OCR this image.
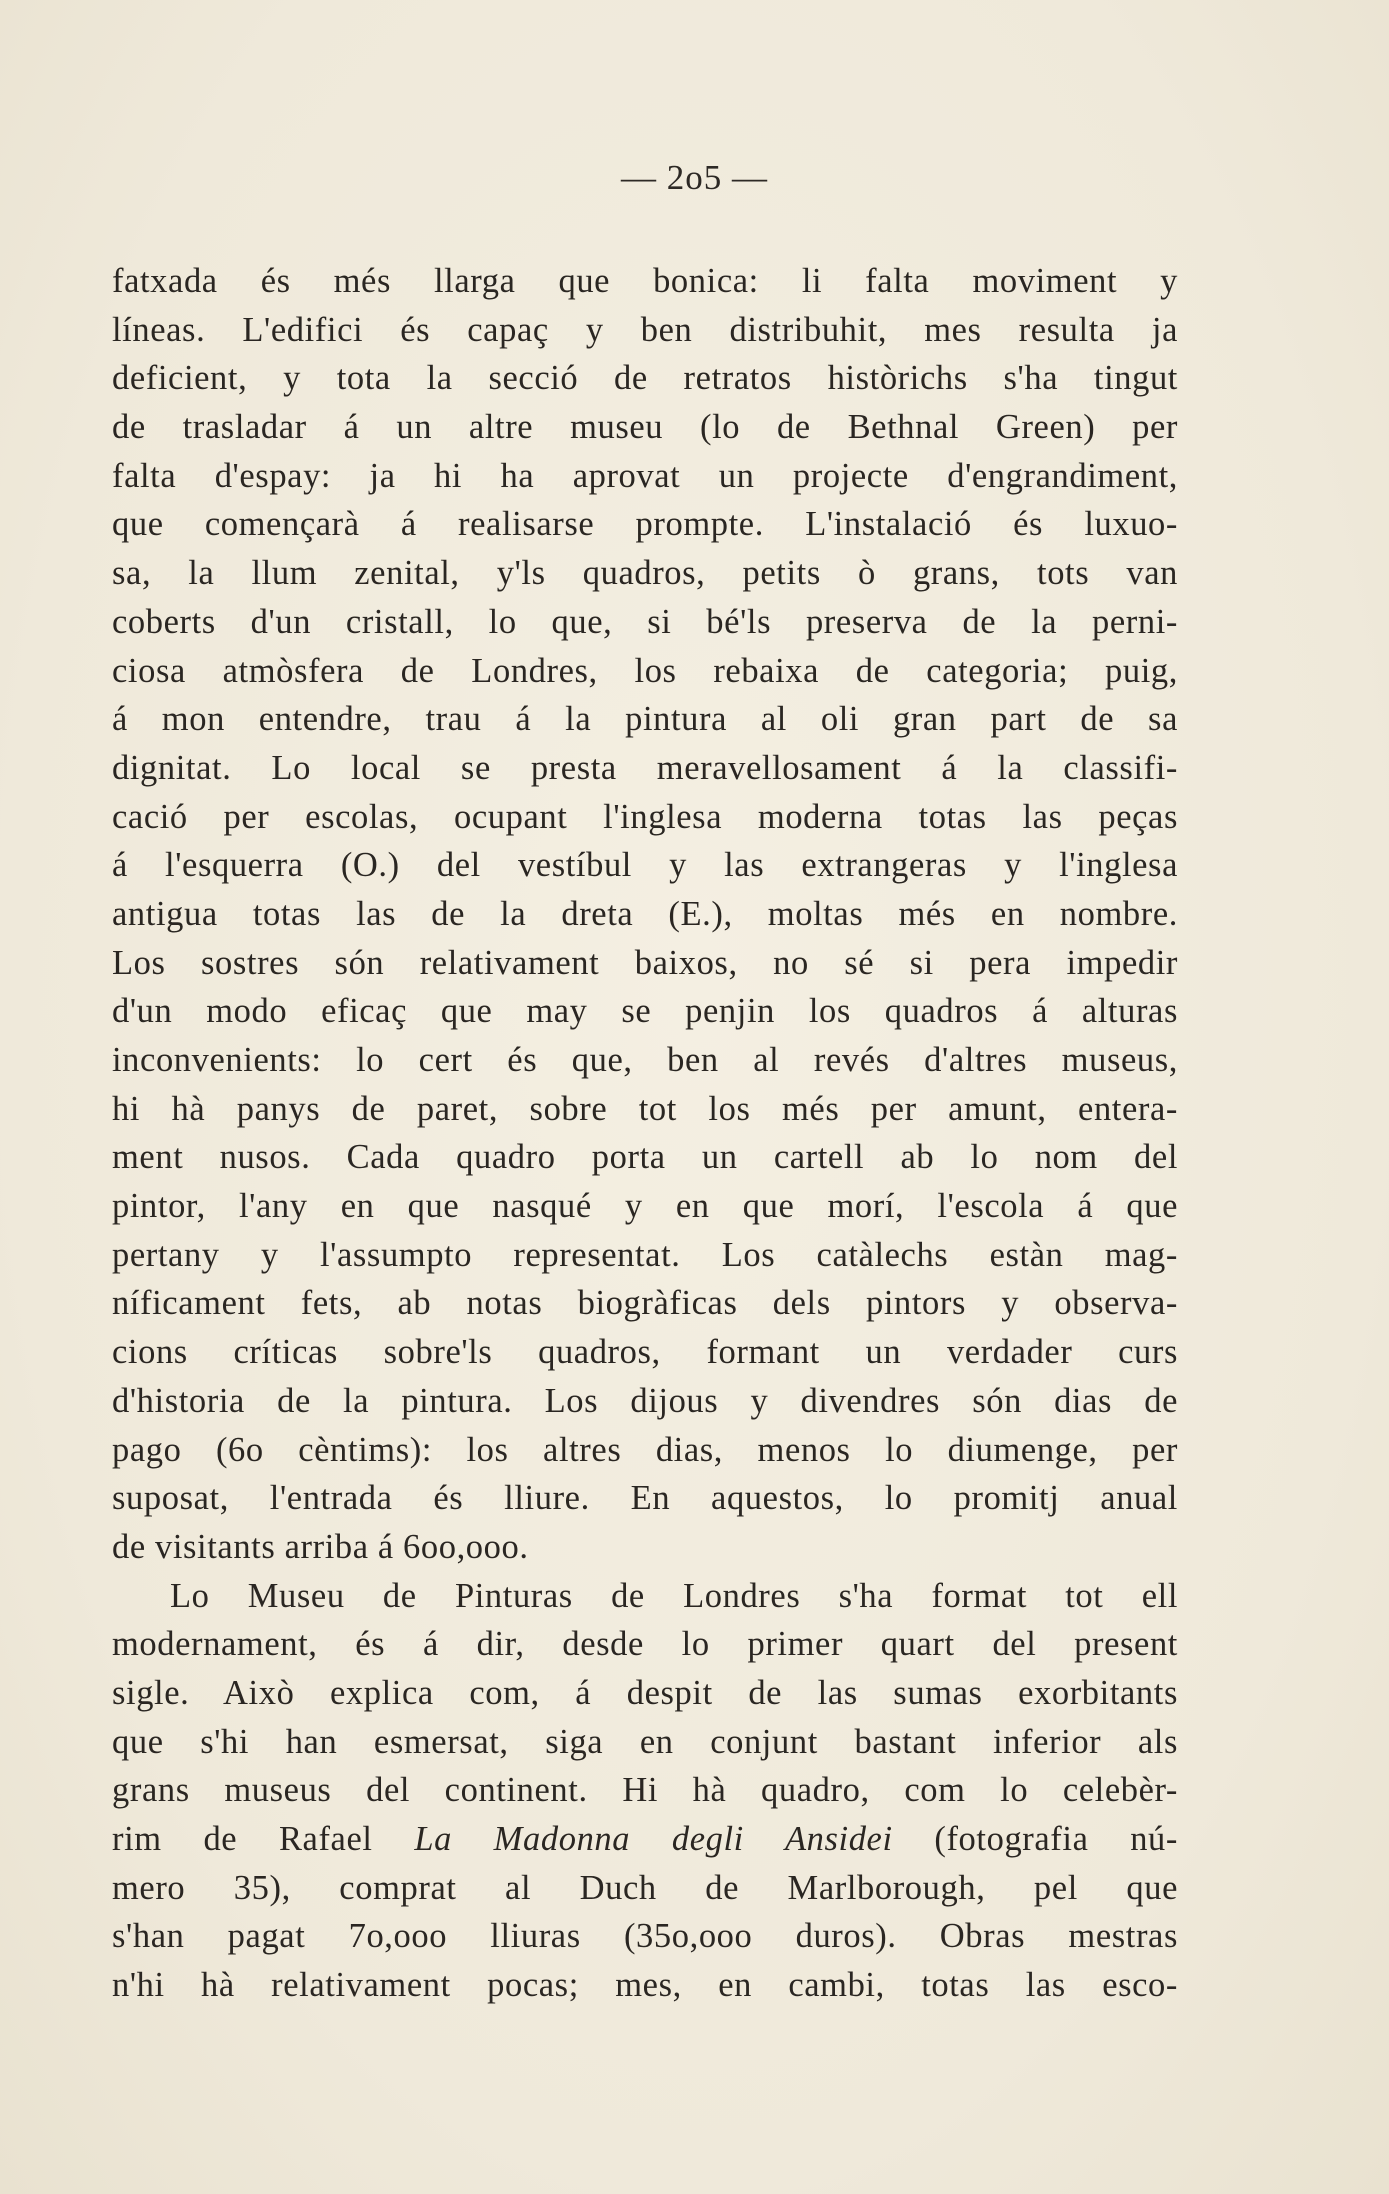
— 2o5 —
fatxada és més llarga que bonica: li falta moviment y
líneas. L'edifici és capaç y ben distribuhit, mes resulta ja
deficient, y tota la secció de retratos històrichs s'ha tingut
de trasladar á un altre museu (lo de Bethnal Green) per
falta d'espay: ja hi ha aprovat un projecte d'engrandiment,
que començarà á realisarse prompte. L'instalació és luxuo-
sa, la llum zenital, y'ls quadros, petits ò grans, tots van
coberts d'un cristall, lo que, si bé'ls preserva de la perni-
ciosa atmòsfera de Londres, los rebaixa de categoria; puig,
á mon entendre, trau á la pintura al oli gran part de sa
dignitat. Lo local se presta meravellosament á la classifi-
cació per escolas, ocupant l'inglesa moderna totas las peças
á l'esquerra (O.) del vestíbul y las extrangeras y l'inglesa
antigua totas las de la dreta (E.), moltas més en nombre.
Los sostres són relativament baixos, no sé si pera impedir
d'un modo eficaç que may se penjin los quadros á alturas
inconvenients: lo cert és que, ben al revés d'altres museus,
hi hà panys de paret, sobre tot los més per amunt, entera-
ment nusos. Cada quadro porta un cartell ab lo nom del
pintor, l'any en que nasqué y en que morí, l'escola á que
pertany y l'assumpto representat. Los catàlechs estàn mag-
níficament fets, ab notas biogràficas dels pintors y observa-
cions críticas sobre'ls quadros, formant un verdader curs
d'historia de la pintura. Los dijous y divendres són dias de
pago (6o cèntims): los altres dias, menos lo diumenge, per
suposat, l'entrada és lliure. En aquestos, lo promitj anual
de visitants arriba á 6oo,ooo.
Lo Museu de Pinturas de Londres s'ha format tot ell
modernament, és á dir, desde lo primer quart del present
sigle. Això explica com, á despit de las sumas exorbitants
que s'hi han esmersat, siga en conjunt bastant inferior als
grans museus del continent. Hi hà quadro, com lo celebèr-
rim de Rafael La Madonna degli Ansidei (fotografia nú-
mero 35), comprat al Duch de Marlborough, pel que
s'han pagat 7o,ooo lliuras (35o,ooo duros). Obras mestras
n'hi hà relativament pocas; mes, en cambi, totas las esco-
